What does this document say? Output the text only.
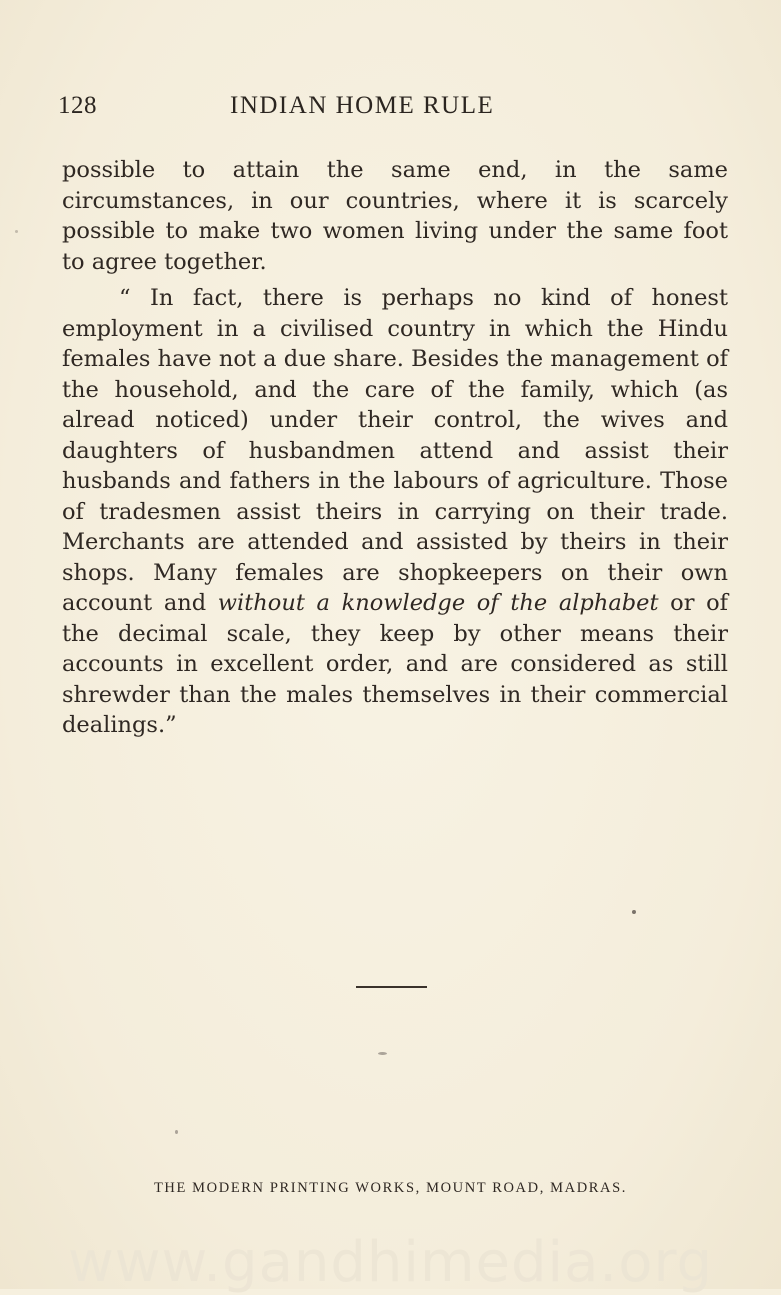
128	INDIAN HOME RULE

possible to attain the same end, in the same circumstances, in our countries, where it is scarcely possible to make two women living under the same foot to agree together.

“ In fact, there is perhaps no kind of honest employment in a civilised country in which the Hindu females have not a due share. Besides the management of the household, and the care of the family, which (as alread noticed) under their control, the wives and daughters of husbandmen attend and assist their husbands and fathers in the labours of agriculture. Those of tradesmen assist theirs in carrying on their trade. Merchants are attended and assisted by theirs in their shops. Many females are shopkeepers on their own account and without a knowledge of the alphabet or of the decimal scale, they keep by other means their accounts in excellent order, and are considered as still shrewder than the males themselves in their commercial dealings.”

THE MODERN PRINTING WORKS, MOUNT ROAD, MADRAS.
www.gandhimedia.org
